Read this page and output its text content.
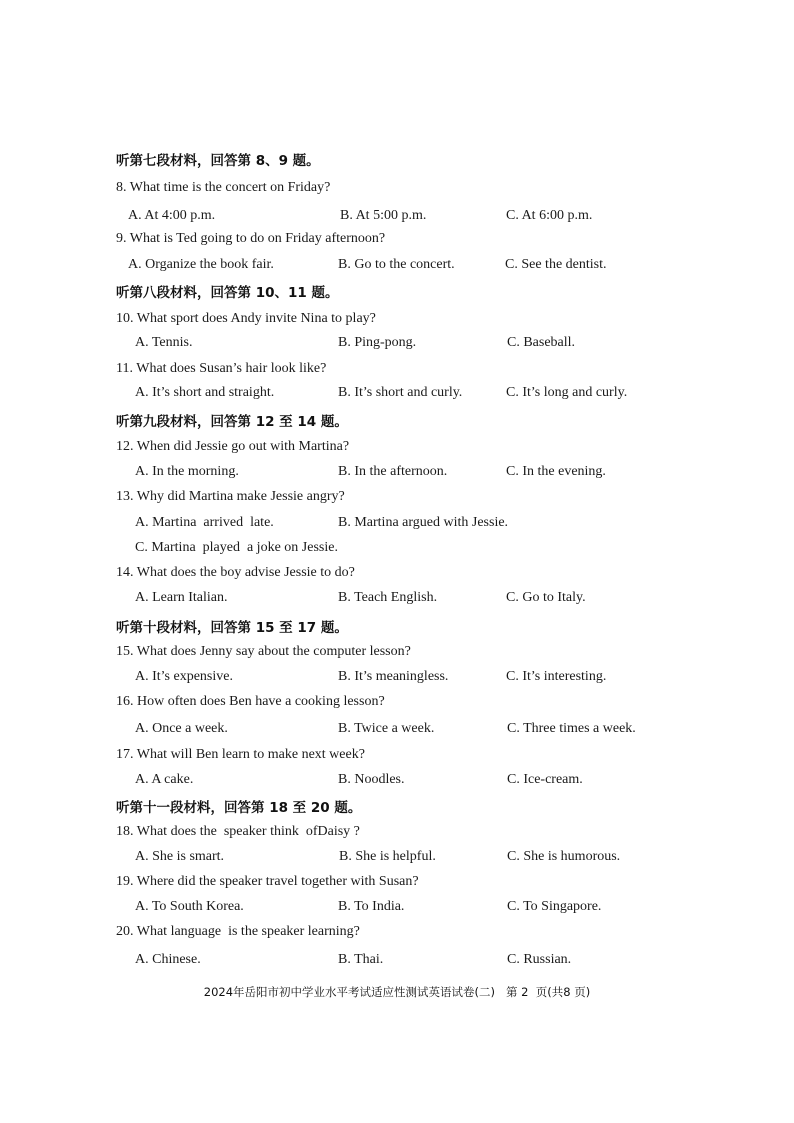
听第七段材料，回答第 8、9 题。
听第八段材料，回答第 10、11 题。
听第九段材料，回答第 12 至 14 题。
听第十段材料，回答第 15 至 17 题。
听第十一段材料，回答第 18 至 20 题。
8. What time is the concert on Friday?
A. At 4:00 p.m.	B. At 5:00 p.m.	C. At 6:00 p.m.
9. What is Ted going to do on Friday afternoon?
A. Organize the book fair.	B. Go to the concert.	C. See the dentist.
10. What sport does Andy invite Nina to play?
A. Tennis.	B. Ping-pong.	C. Baseball.
11. What does Susan’s hair look like?
A. It’s short and straight.	B. It’s short and curly.	C. It’s long and curly.
12. When did Jessie go out with Martina?
A. In the morning.	B. In the afternoon.	C. In the evening.
13. Why did Martina make Jessie angry?
A. Martina  arrived  late.	B. Martina argued with Jessie.
C. Martina  played  a joke on Jessie.
14. What does the boy advise Jessie to do?
A. Learn Italian.	B. Teach English.	C. Go to Italy.
15. What does Jenny say about the computer lesson?
A. It’s expensive.	B. It’s meaningless.	C. It’s interesting.
16. How often does Ben have a cooking lesson?
A. Once a week.	B. Twice a week.	C. Three times a week.
17. What will Ben learn to make next week?
A. A cake.	B. Noodles.	C. Ice-cream.
18. What does the  speaker think  ofDaisy ?
A. She is smart.	B. She is helpful.	C. She is humorous.
19. Where did the speaker travel together with Susan?
A. To South Korea.	B. To India.	C. To Singapore.
20. What language  is the speaker learning?
A. Chinese.	B. Thai.	C. Russian.
2024年岳阳市初中学业水平考试适应性测试英语试卷(二)   第 2  页(共8 页)
